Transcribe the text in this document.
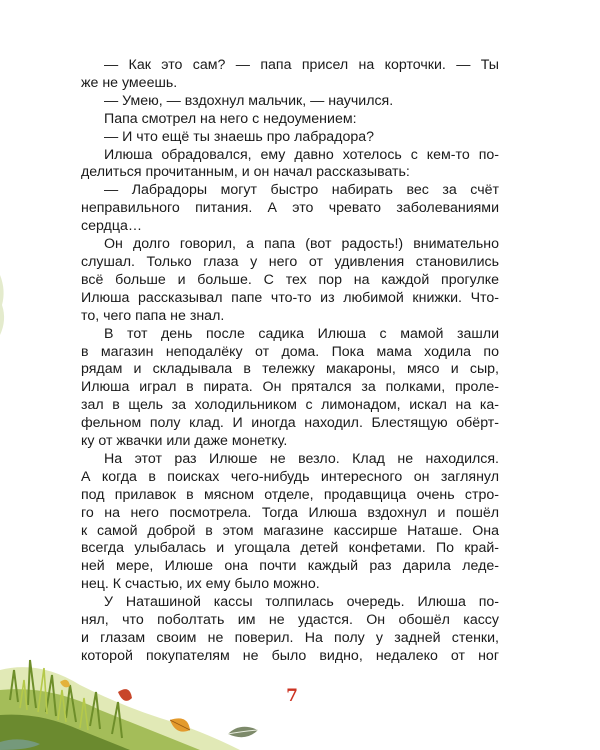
— Как это сам? — папа присел на корточки. — Ты
же не умеешь.
— Умею, — вздохнул мальчик, — научился.
Папа смотрел на него с недоумением:
— И что ещё ты знаешь про лабрадора?
Илюша обрадовался, ему давно хотелось с кем-то по-
делиться прочитанным, и он начал рассказывать:
— Лабрадоры могут быстро набирать вес за счёт
неправильного питания. А это чревато заболеваниями
сердца…
Он долго говорил, а папа (вот радость!) внимательно
слушал. Только глаза у него от удивления становились
всё больше и больше. С тех пор на каждой прогулке
Илюша рассказывал папе что-то из любимой книжки. Что-
то, чего папа не знал.
В тот день после садика Илюша с мамой зашли
в магазин неподалёку от дома. Пока мама ходила по
рядам и складывала в тележку макароны, мясо и сыр,
Илюша играл в пирата. Он прятался за полками, проле-
зал в щель за холодильником с лимонадом, искал на ка-
фельном полу клад. И иногда находил. Блестящую обёрт-
ку от жвачки или даже монетку.
На этот раз Илюше не везло. Клад не находился.
А когда в поисках чего-нибудь интересного он заглянул
под прилавок в мясном отделе, продавщица очень стро-
го на него посмотрела. Тогда Илюша вздохнул и пошёл
к самой доброй в этом магазине кассирше Наташе. Она
всегда улыбалась и угощала детей конфетами. По край-
ней мере, Илюше она почти каждый раз дарила леде-
нец. К счастью, их ему было можно.
У Наташиной кассы толпилась очередь. Илюша по-
нял, что поболтать им не удастся. Он обошёл кассу
и глазам своим не поверил. На полу у задней стенки,
которой покупателям не было видно, недалеко от ног
7
